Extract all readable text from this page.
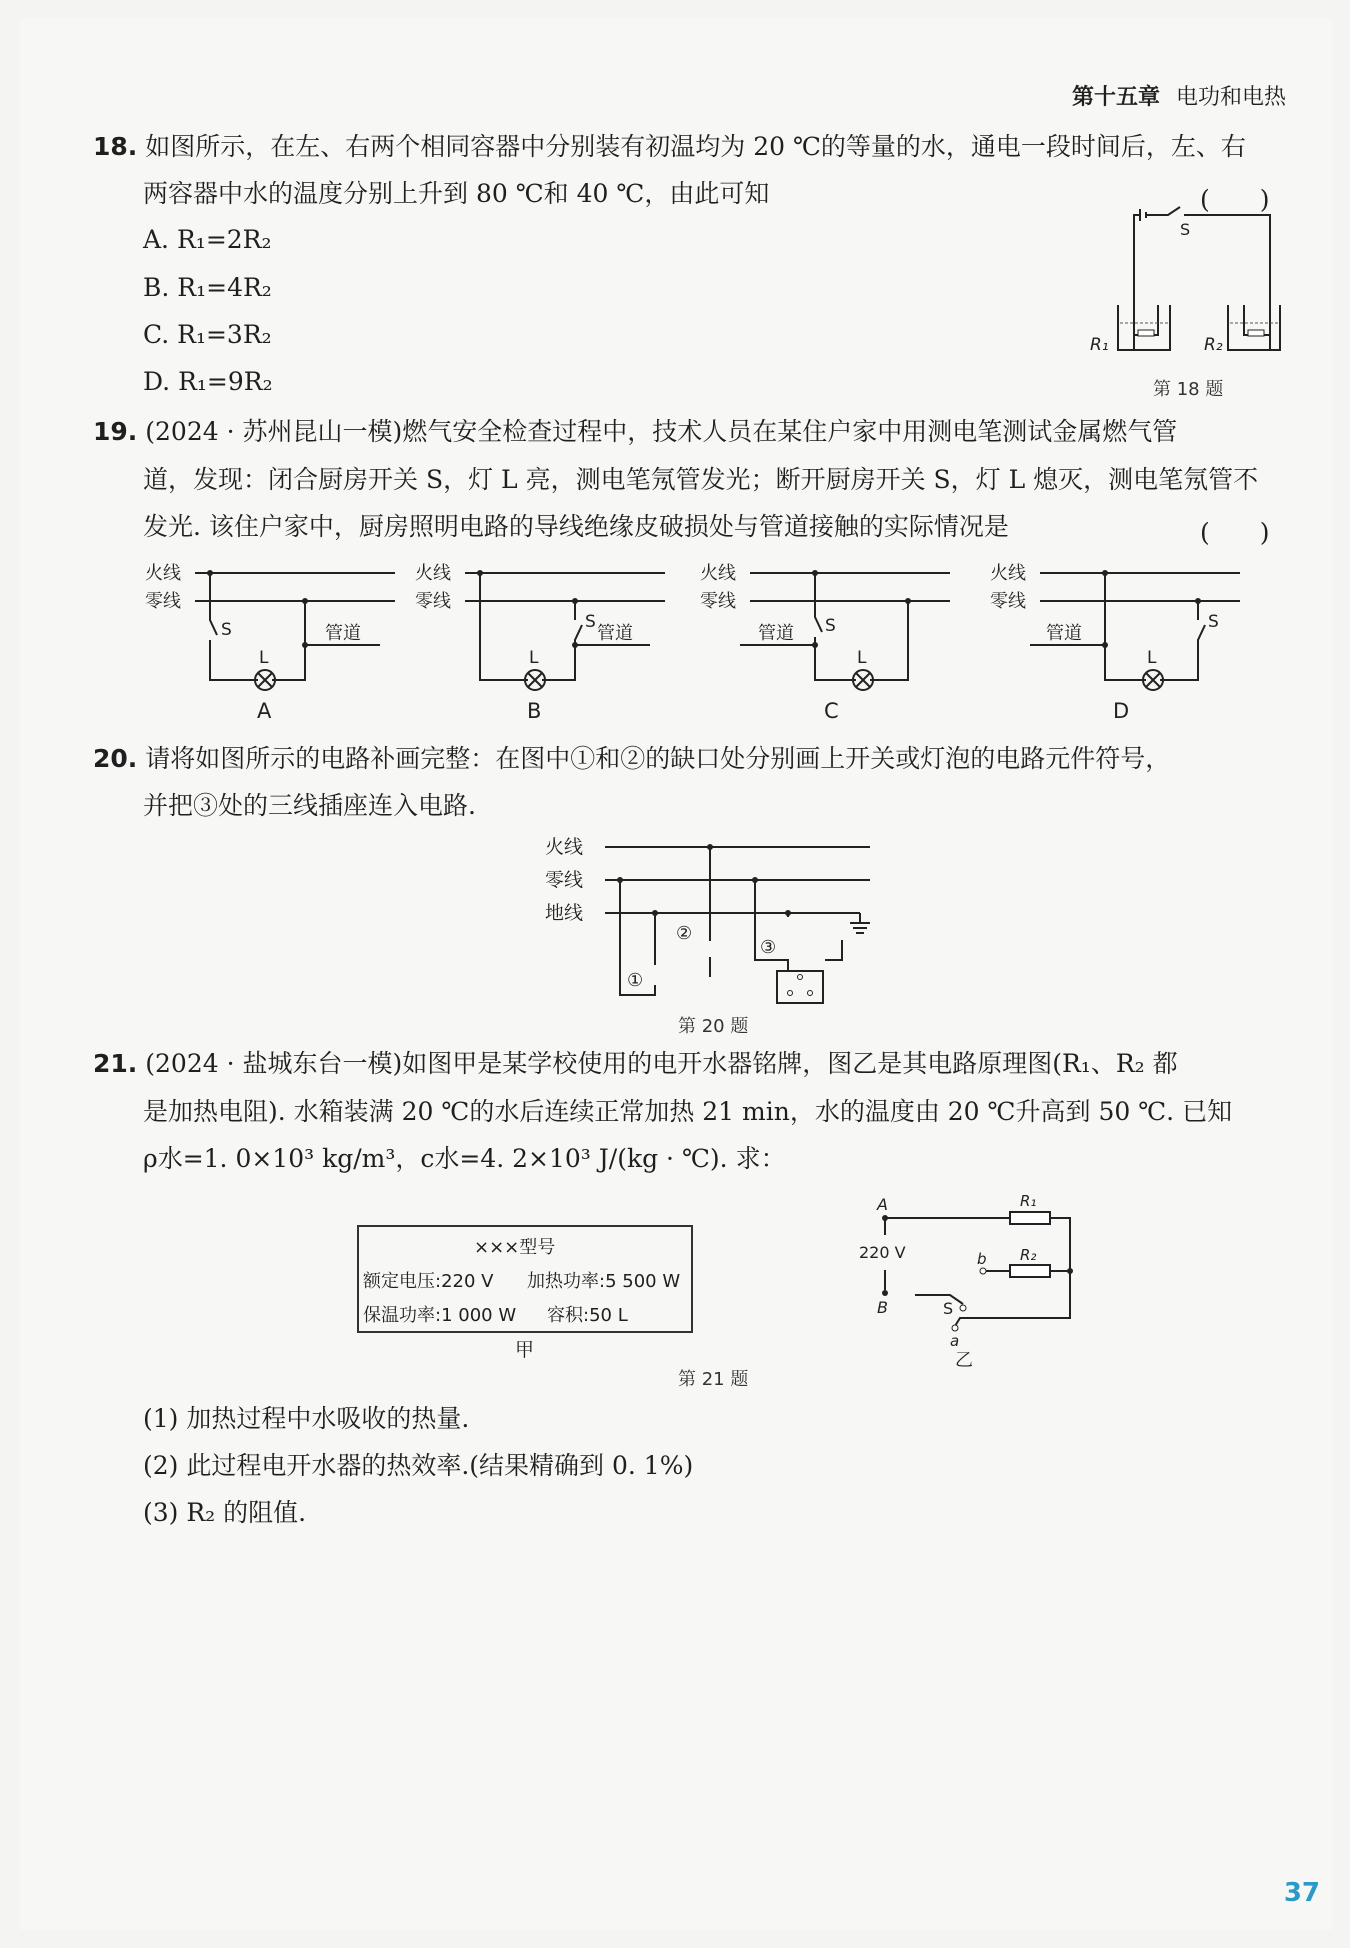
第十五章 电功和电热
18. 如图所示，在左、右两个相同容器中分别装有初温均为 20 ℃的等量的水，通电一段时间后，左、右
两容器中水的温度分别上升到 80 ℃和 40 ℃，由此可知	(　　)
A. R₁=2R₂
B. R₁=4R₂
C. R₁=3R₂
D. R₁=9R₂
S
R₁	R₂
第 18 题
19. (2024 · 苏州昆山一模)燃气安全检查过程中，技术人员在某住户家中用测电笔测试金属燃气管
道，发现：闭合厨房开关 S，灯 L 亮，测电笔氖管发光；断开厨房开关 S，灯 L 熄灭，测电笔氖管不
发光. 该住户家中，厨房照明电路的导线绝缘皮破损处与管道接触的实际情况是	(　　)
火线
零线
S
L
管道
A
火线
零线
S
L
管道
B
火线
零线
S
L
管道
C
火线
零线
S
L
管道
D
20. 请将如图所示的电路补画完整：在图中①和②的缺口处分别画上开关或灯泡的电路元件符号，
并把③处的三线插座连入电路.
火线
零线
地线
①
②
③
第 20 题
21. (2024 · 盐城东台一模)如图甲是某学校使用的电开水器铭牌，图乙是其电路原理图(R₁、R₂ 都
是加热电阻). 水箱装满 20 ℃的水后连续正常加热 21 min，水的温度由 20 ℃升高到 50 ℃. 已知
ρ水=1. 0×10³ kg/m³，c水=4. 2×10³ J/(kg · ℃). 求：
×××型号
额定电压:220 V 加热功率:5 500 W
保温功率:1 000 W 容积:50 L
甲
A
B
220 V
R₁
R₂
b
a
S
乙
第 21 题
(1) 加热过程中水吸收的热量.
(2) 此过程电开水器的热效率.(结果精确到 0. 1%)
(3) R₂ 的阻值.
37
